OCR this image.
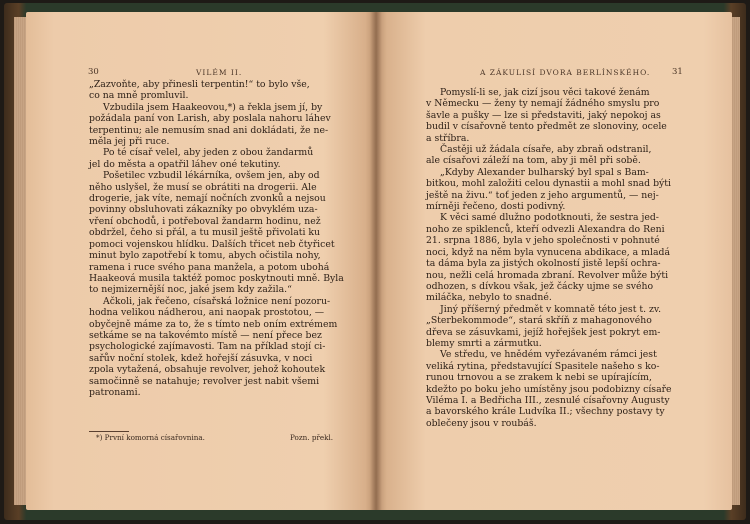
30	VILÉM II.
„Zazvoňte, aby přinesli terpentin!“ to bylo vše,
co na mně promluvil.
Vzbudila jsem Haakeovou,*) a řekla jsem jí, by
požádala paní von Larish, aby poslala nahoru láhev
terpentinu; ale nemusím snad ani dokládati, že ne-
měla jej při ruce.
Po té císař velel, aby jeden z obou žandarmů
jel do města a opatřil láhev oné tekutiny.
Pošetilec vzbudil lékárníka, ovšem jen, aby od
něho uslyšel, že musí se obrátiti na drogerii. Ale
drogerie, jak víte, nemají nočních zvonků a nejsou
povinny obsluhovati zákazníky po obvyklém uza-
vření obchodů, i potřeboval žandarm hodinu, než
obdržel, čeho si přál, a tu musil ještě přivolati ku
pomoci vojenskou hlídku. Dalších třicet neb čtyřicet
minut bylo zapotřebí k tomu, abych očistila nohy,
ramena i ruce svého pana manžela, a potom ubohá
Haakeová musila taktéž pomoc poskytnouti mně. Byla
to nejmizernější noc, jaké jsem kdy zažila.“
Ačkoli, jak řečeno, císařská ložnice není pozoru-
hodna velikou nádherou, ani naopak prostotou, —
obyčejně máme za to, že s tímto neb oním extrémem
setkáme se na takovémto místě — není přece bez
psychologické zajímavosti. Tam na příklad stojí ci-
sařův noční stolek, kdež hořejší zásuvka, v noci
zpola vytažená, obsahuje revolver, jehož kohoutek
samočinně se natahuje; revolver jest nabit všemi
patronami.
*) První komorná císařovnina.	Pozn. překl.
A ZÁKULISÍ DVORA BERLÍNSKÉHO.	31
Pomyslí-li se, jak cizí jsou věci takové ženám
v Německu — ženy ty nemají žádného smyslu pro
šavle a pušky — lze si představiti, jaký nepokoj as
budil v císařovně tento předmět ze slonoviny, ocele
a stříbra.
Častěji už žádala císaře, aby zbraň odstranil,
ale císařovi záleží na tom, aby ji měl při sobě.
„Kdyby Alexander bulharský byl spal s Bam-
bitkou, mohl založiti celou dynastii a mohl snad býti
ještě na živu.“ toť jeden z jeho argumentů, — nej-
mírněji řečeno, dosti podivný.
K věci samé dlužno podotknouti, že sestra jed-
noho ze spiklenců, kteří odvezli Alexandra do Reni
21. srpna 1886, byla v jeho společnosti v pohnuté
noci, když na něm byla vynucena abdikace, a mladá
ta dáma byla za jistých okolností jistě lepší ochra-
nou, nežli celá hromada zbraní. Revolver může býti
odhozen, s dívkou však, jež čácky ujme se svého
miláčka, nebylo to snadné.
Jiný příšerný předmět v komnatě této jest t. zv.
„Sterbekommode“, stará skříň z mahagonového
dřeva se zásuvkami, jejíž hořejšek jest pokryt em-
blemy smrti a zármutku.
Ve středu, ve hnědém vyřezávaném rámci jest
veliká rytina, představující Spasitele našeho s ko-
runou trnovou a se zrakem k nebi se upírajícím,
kdežto po boku jeho umístěny jsou podobizny císaře
Viléma I. a Bedřicha III., zesnulé císařovny Augusty
a bavorského krále Ludvíka II.; všechny postavy ty
oblečeny jsou v roubáš.
